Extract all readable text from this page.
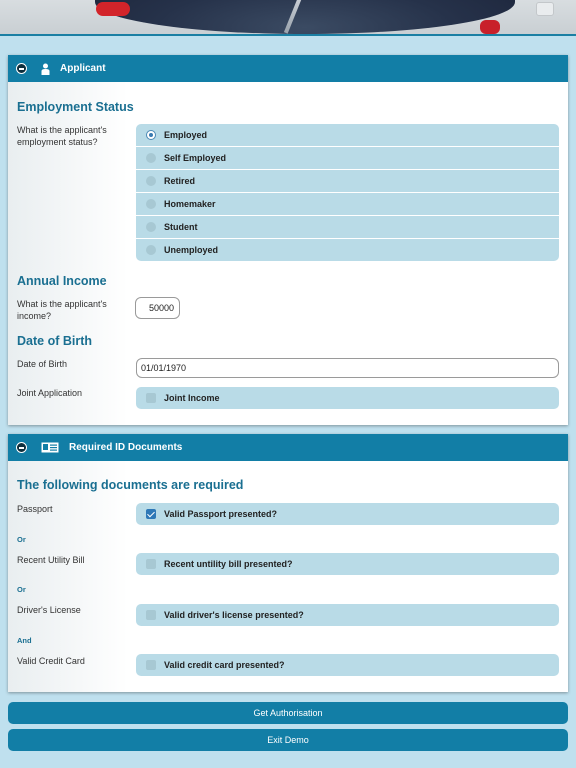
Applicant
Employment Status
What is the applicant's employment status?
Employed
Self Employed
Retired
Homemaker
Student
Unemployed
Annual Income
What is the applicant's income?
50000
Date of Birth
Date of Birth
01/01/1970
Joint Application	Joint Income
Required ID Documents
The following documents are required
Passport	Valid Passport presented?
Or
Recent Utility Bill	Recent untility bill presented?
Or
Driver's License	Valid driver's license presented?
And
Valid Credit Card	Valid credit card presented?
Get Authorisation
Exit Demo
